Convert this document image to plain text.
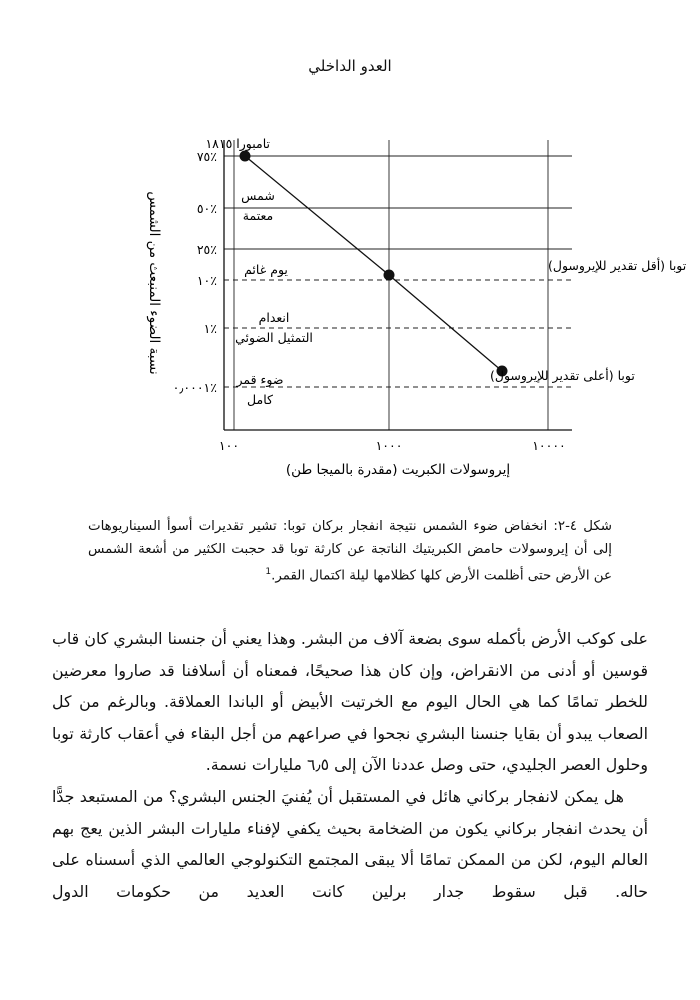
العدو الداخلي
٧٥٪
٥٠٪
٢٥٪
١٠٪
١٪
٠٫٠٠٠١٪
١٠٠	١٠٠٠	١٠٠٠٠
شمس
معتمة
يوم غائم
انعدام
التمثيل الضوئي
ضوء قمر
كامل
تامبورا ١٨١٥
توبا (أقل تقدير للإيروسول)
توبا (أعلى تقدير للإيروسول)
نسبة الضوء المنبعث من الشمس
إيروسولات الكبريت (مقدرة بالميجا طن)
شكل ٤-٢: انخفاض ضوء الشمس نتيجة انفجار بركان توبا: تشير تقديرات أسوأ السيناريوهات إلى أن إيروسولات حامض الكبريتيك الناتجة عن كارثة توبا قد حجبت الكثير من أشعة الشمس عن الأرض حتى أظلمت الأرض كلها كظلامها ليلة اكتمال القمر.$^1$

على كوكب الأرض بأكمله سوى بضعة آلاف من البشر. وهذا يعني أن جنسنا البشري كان قاب قوسين أو أدنى من الانقراض، وإن كان هذا صحيحًا، فمعناه أن أسلافنا قد صاروا معرضين للخطر تمامًا كما هي الحال اليوم مع الخرتيت الأبيض أو الباندا العملاقة. وبالرغم من كل الصعاب يبدو أن بقايا جنسنا البشري نجحوا في صراعهم من أجل البقاء في أعقاب كارثة توبا وحلول العصر الجليدي، حتى وصل عددنا الآن إلى ٦٫٥ مليارات نسمة.

هل يمكن لانفجار بركاني هائل في المستقبل أن يُفنيَ الجنس البشري؟ من المستبعد جدًّا أن يحدث انفجار بركاني يكون من الضخامة بحيث يكفي لإفناء مليارات البشر الذين يعج بهم العالم اليوم، لكن من الممكن تمامًا ألا يبقى المجتمع التكنولوجي العالمي الذي أسسناه على حاله. قبل سقوط جدار برلين كانت العديد من حكومات الدول
